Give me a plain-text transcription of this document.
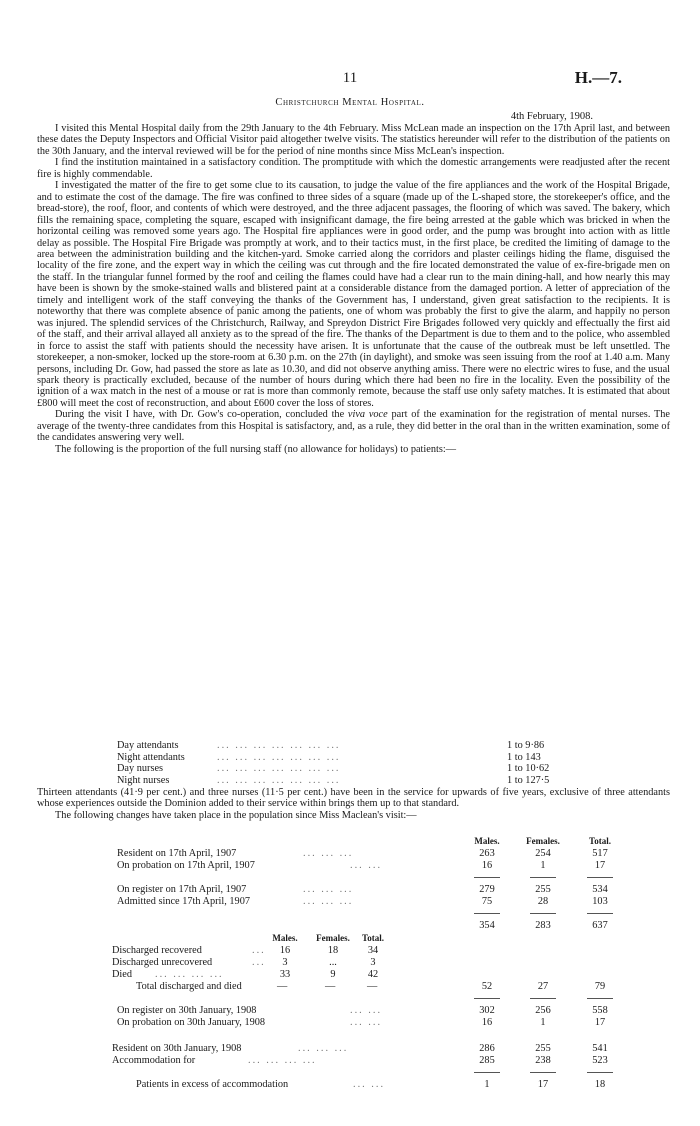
11	H.—7.
Christchurch Mental Hospital.
4th February, 1908.

I visited this Mental Hospital daily from the 29th January to the 4th February. Miss McLean made an inspection on the 17th April last, and between these dates the Deputy Inspectors and Official Visitor paid altogether twelve visits. The statistics hereunder will refer to the distribution of the patients on the 30th January, and the interval reviewed will be for the period of nine months since Miss McLean's inspection.

I find the institution maintained in a satisfactory condition. The promptitude with which the domestic arrangements were readjusted after the recent fire is highly commendable.

I investigated the matter of the fire to get some clue to its causation, to judge the value of the fire appliances and the work of the Hospital Brigade, and to estimate the cost of the damage. The fire was confined to three sides of a square (made up of the L-shaped store, the storekeeper's office, and the bread-store), the roof, floor, and contents of which were destroyed, and the three adjacent passages, the flooring of which was saved. The bakery, which fills the remaining space, completing the square, escaped with insignificant damage, the fire being arrested at the gable which was bricked in when the horizontal ceiling was removed some years ago. The Hospital fire appliances were in good order, and the pump was brought into action with as little delay as possible. The Hospital Fire Brigade was promptly at work, and to their tactics must, in the first place, be credited the limiting of damage to the area between the administration building and the kitchen-yard. Smoke carried along the corridors and plaster ceilings hiding the flame, disguised the locality of the fire zone, and the expert way in which the ceiling was cut through and the fire located demonstrated the value of ex-fire-brigade men on the staff. In the triangular funnel formed by the roof and ceiling the flames could have had a clear run to the main dining-hall, and how nearly this may have been is shown by the smoke-stained walls and blistered paint at a considerable distance from the damaged portion. A letter of appreciation of the timely and intelligent work of the staff conveying the thanks of the Government has, I understand, given great satisfaction to the recipients. It is noteworthy that there was complete absence of panic among the patients, one of whom was probably the first to give the alarm, and happily no person was injured. The splendid services of the Christchurch, Railway, and Spreydon District Fire Brigades followed very quickly and effectually the first aid of the staff, and their arrival allayed all anxiety as to the spread of the fire. The thanks of the Department is due to them and to the police, who assembled in force to assist the staff with patients should the necessity have arisen. It is unfortunate that the cause of the outbreak must be left unsettled. The storekeeper, a non-smoker, locked up the store-room at 6.30 p.m. on the 27th (in daylight), and smoke was seen issuing from the roof at 1.40 a.m. Many persons, including Dr. Gow, had passed the store as late as 10.30, and did not observe anything amiss. There were no electric wires to fuse, and the usual spark theory is practically excluded, because of the number of hours during which there had been no fire in the locality. Even the possibility of the ignition of a wax match in the nest of a mouse or rat is more than commonly remote, because the staff use only safety matches. It is estimated that about £800 will meet the cost of reconstruction, and about £600 cover the loss of stores.

During the visit I have, with Dr. Gow's co-operation, concluded the viva voce part of the examination for the registration of mental nurses. The average of the twenty-three candidates from this Hospital is satisfactory, and, as a rule, they did better in the oral than in the written examination, some of the candidates answering very well.

The following is the proportion of the full nursing staff (no allowance for holidays) to patients:—

Day attendants	... ... ... ... ... ... ...	1 to 9·86
Night attendants	... ... ... ... ... ... ...	1 to 143
Day nurses	... ... ... ... ... ... ...	1 to 10·62
Night nurses	... ... ... ... ... ... ...	1 to 127·5

Thirteen attendants (41·9 per cent.) and three nurses (11·5 per cent.) have been in the service for upwards of five years, exclusive of three attendants whose experiences outside the Dominion added to their service within brings them up to that standard.

The following changes have taken place in the population since Miss Maclean's visit:—

Males.	Females.	Total.
Resident on 17th April, 1907	... ... ...	263	254	517
On probation on 17th April, 1907	... ...	16	1	17
On register on 17th April, 1907	... ... ...	279	255	534
Admitted since 17th April, 1907	... ... ...	75	28	103
354	283	637
Males.	Females.	Total.
Discharged recovered	...	16	18	34
Discharged unrecovered	...	3	...	3
Died ... ... ... ...	33	9	42
Total discharged and died	—	—	—	52	27	79
On register on 30th January, 1908	... ...	302	256	558
On probation on 30th January, 1908	... ...	16	1	17
Resident on 30th January, 1908	... ... ...	286	255	541
Accommodation for	... ... ... ...	285	238	523
Patients in excess of accommodation	... ...	1	17	18
